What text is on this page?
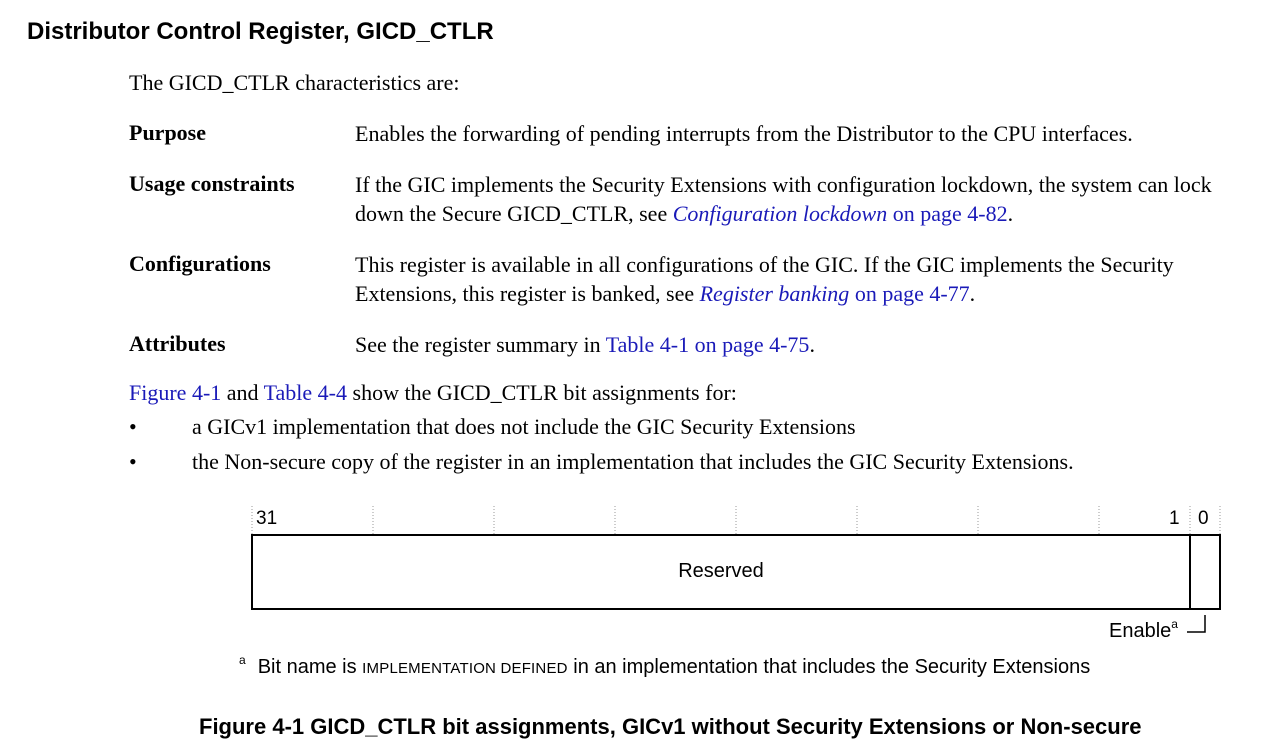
Distributor Control Register, GICD_CTLR
The GICD_CTLR characteristics are:
Purpose	Enables the forwarding of pending interrupts from the Distributor to the CPU interfaces.
Usage constraints	If the GIC implements the Security Extensions with configuration lockdown, the system can lock down the Secure GICD_CTLR, see Configuration lockdown on page 4-82.
Configurations	This register is available in all configurations of the GIC. If the GIC implements the Security Extensions, this register is banked, see Register banking on page 4-77.
Attributes	See the register summary in Table 4-1 on page 4-75.
Figure 4-1 and Table 4-4 show the GICD_CTLR bit assignments for:
•	a GICv1 implementation that does not include the GIC Security Extensions
•	the Non-secure copy of the register in an implementation that includes the GIC Security Extensions.
31	1 0
Reserved
Enable$^a$
$^a$ Bit name is IMPLEMENTATION DEFINED in an implementation that includes the Security Extensions
Figure 4-1 GICD_CTLR bit assignments, GICv1 without Security Extensions or Non-secure
